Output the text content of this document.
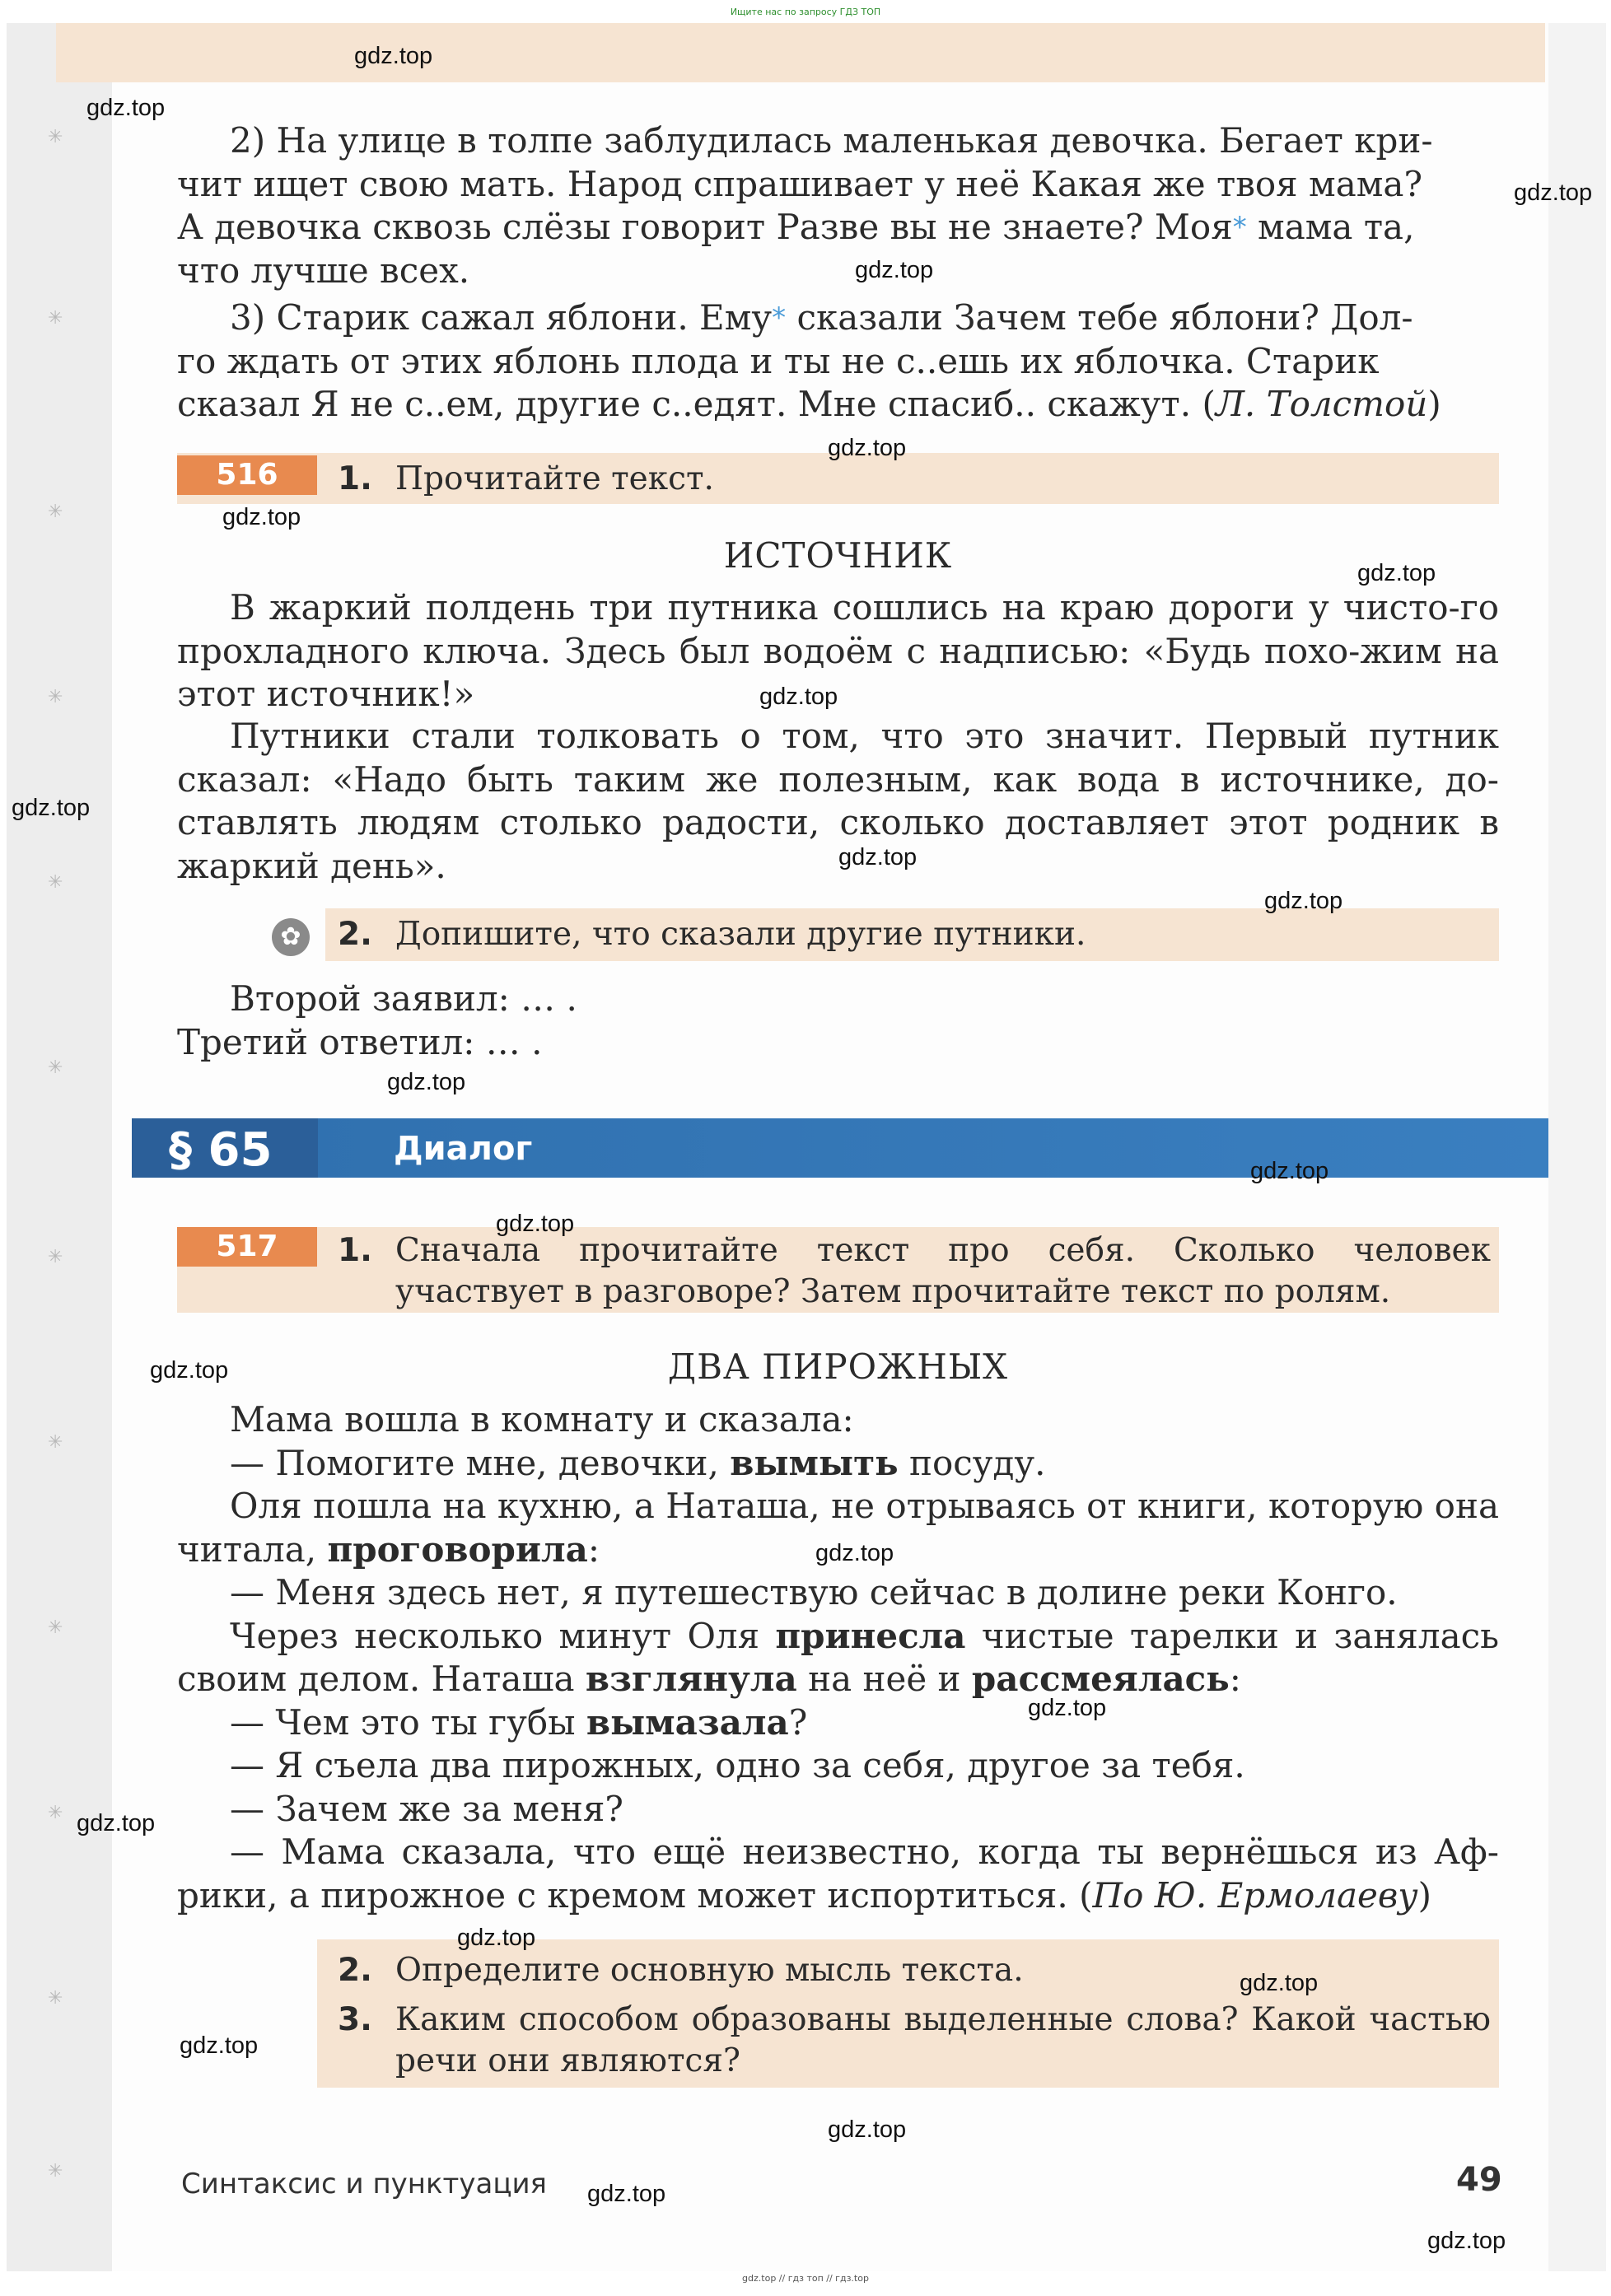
✳
✳
✳
✳
✳
✳
✳
✳
✳
✳
✳
✳
Ищите нас по запросу ГДЗ ТОП

2) На улице в толпе заблудилась маленькая девочка. Бегает кри-
чит ищет свою мать. Народ спрашивает у неё Какая же твоя мама?
А девочка сквозь слёзы говорит Разве вы не знаете? Моя* мама та,
что лучше всех.

3) Старик сажал яблони. Ему* сказали Зачем тебе яблони? Дол-
го ждать от этих яблонь плода и ты не с..ешь их яблочка. Старик
сказал Я не с..ем, другие с..едят. Мне спасиб.. скажут. (Л. Толстой)

516	1. Прочитайте текст.
ИСТОЧНИК

В жаркий полдень три путника сошлись на краю дороги у чисто-го прохладного ключа. Здесь был водоём с надписью: «Будь похо-жим на этот источник!»

Путники стали толковать о том, что это значит. Первый путник сказал: «Надо быть таким же полезным, как вода в источнике, до-ставлять людям столько радости, сколько доставляет этот родник в жаркий день».

✿ 2. Допишите, что сказали другие путники.

Второй заявил: … .
Третий ответил: … .

§ 65	Диалог
517	1. Сначала прочитайте текст про себя. Сколько человек участвует в разговоре? Затем прочитайте текст по ролям.
ДВА ПИРОЖНЫХ

Мама вошла в комнату и сказала:

— Помогите мне, девочки, вымыть посуду.

Оля пошла на кухню, а Наташа, не отрываясь от книги, которую она читала, проговорила:

— Меня здесь нет, я путешествую сейчас в долине реки Конго.

Через несколько минут Оля принесла чистые тарелки и занялась своим делом. Наташа взглянула на неё и рассмеялась:

— Чем это ты губы вымазала?

— Я съела два пирожных, одно за себя, другое за тебя.

— Зачем же за меня?

— Мама сказала, что ещё неизвестно, когда ты вернёшься из Аф-рики, а пирожное с кремом может испортиться. (По Ю. Ермолаеву)

2. Определите основную мысль текста.
3. Каким способом образованы выделенные слова? Какой частью речи они являются?
Синтаксис и пунктуация	49
gdz.top // гдз топ // гдз.top
gdz.top
gdz.top
gdz.top
gdz.top
gdz.top
gdz.top
gdz.top
gdz.top
gdz.top
gdz.top
gdz.top
gdz.top
gdz.top
gdz.top
gdz.top
gdz.top
gdz.top
gdz.top
gdz.top
gdz.top
gdz.top
gdz.top
gdz.top
gdz.top
